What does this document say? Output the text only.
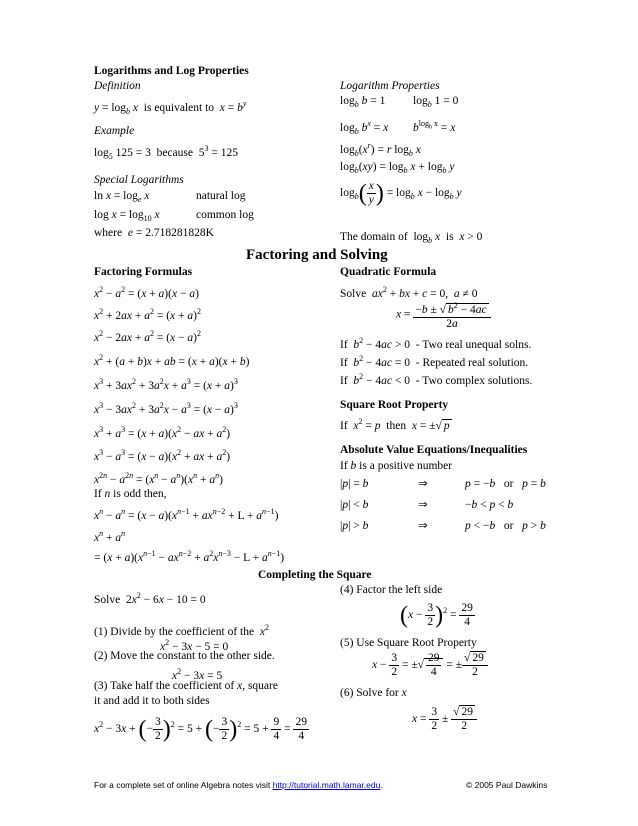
Logarithms and Log Properties
Definition
$y = \log_b x$  is equivalent to  $x = b^y$
Example
$\log_5 125 = 3$  because  $5^3 = 125$
Special Logarithms
$\ln x = \log_e x$	natural log
$\log x = \log_{10} x$	common log
where  e = 2.718281828K
Logarithm Properties
$\log_b b = 1$ $\log_b 1 = 0$
$\log_b b^x = x$ $b^{log_b x} = x$
$\log_b(x^r) = r$ $\log_b x$
$\log_b(xy) = \log_b x + \log_b y$
$\log_b( \frac{x}{y}$ ) = $\log_b x - \log_b y$
The domain of  $\log_b x$  is  x > 0
Factoring and Solving
Factoring Formulas
$x^2 - a^2 = (x + a)(x - a)$
$x^2 + 2ax + a^2 = (x + a)^2$
$x^2 - 2ax + a^2 = (x - a)^2$
$x^2 + (a + b)x$ + ab = (x + a)(x + b)
$x^3 + 3ax^2 + 3a^2x + a^3 = (x + a)^3$
$x^3 - 3ax^2 + 3a^2x - a^3 = (x - a)^3$
$x^3 + a^3 = (x + a)(x^2$ − ax + $a^2$)
$x^3 - a^3 = (x - a)(x^2$ + ax + $a^2$)
$x^{2n} - a^{2n} = (x^n - a^n)(x^n + a^n)$
If n is odd then,
$x^n - a^n = (x - a)(x^{n-1} + ax^{n-2} + L + a^{n-1})$
$x^n + a^n$
= $(x + a)(x^{n-1} - ax^{n-2} + a^2x^{n-3} - L + a^{n-1})$
Quadratic Formula
Solve  $ax^2$ + bx + c = 0,  a ≠ 0
$x = \frac{-b \pm √ b^2 - 4ac}{2a}$
If  $b^2 - 4ac > 0$  - Two real unequal solns.
If  $b^2 - 4ac = 0$  - Repeated real solution.
If  $b^2 - 4ac < 0$  - Two complex solutions.
Square Root Property
If  $x^2 = p$  then  x = ±√ p
Absolute Value Equations/Inequalities
If b is a positive number
|p| = b	⇒	p = −b   or   p = b
|p| < b	⇒	−b < p < b
|p| > b	⇒	p < −b   or   p > b
Completing the Square
Solve  $2x^2 - 6x - 10 = 0$
(1) Divide by the coefficient of the  $x^2$
$x^2 - 3x - 5 = 0$
(2) Move the constant to the other side.
$x^2 - 3x = 5$
(3) Take half the coefficient of x, square
it and add it to both sides
$x^2 - 3x$ + (− $\frac{3}{2} )^2 = 5$ + (− $\frac{3}{2} )^2 = 5 + \frac{9}{4} = \frac{29}{4}$
(4) Factor the left side
$(x - \frac{3}{2} )^2 = \frac{29}{4}$
(5) Use Square Root Property
$x - \frac{3}{2}$ = ±√ $\frac{29}{4}$ = ± $\frac{√ 29}{2}$
(6) Solve for x
$x = \frac{3}{2} \pm \frac{√ 29}{2}$
For a complete set of online Algebra notes visit http://tutorial.math.lamar.edu.	© 2005 Paul Dawkins
